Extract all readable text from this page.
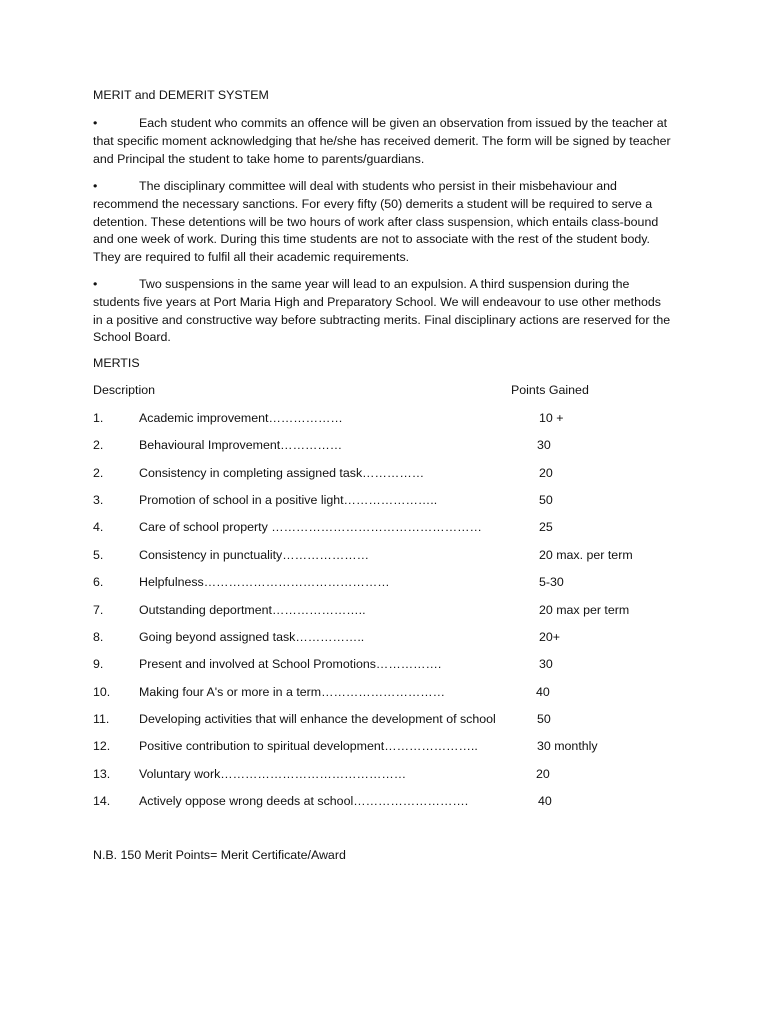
MERIT and DEMERIT SYSTEM

•	Each student who commits an offence will be given an observation from issued by the teacher at that specific moment acknowledging that he/she has received demerit. The form will be signed by teacher and Principal the student to take home to parents/guardians.

•	The disciplinary committee will deal with students who persist in their misbehaviour and recommend the necessary sanctions. For every fifty (50) demerits a student will be required to serve a detention. These detentions will be two hours of work after class suspension, which entails class-bound and one week of work. During this time students are not to associate with the rest of the student body. They are required to fulfil all their academic requirements.

•	Two suspensions in the same year will lead to an expulsion. A third suspension during the students five years at Port Maria High and Preparatory School. We will endeavour to use other methods in a positive and constructive way before subtracting merits. Final disciplinary actions are reserved for the School Board.

MERTIS
Description	Points Gained
1.	Academic improvement………………	10 +
2.	Behavioural Improvement……………	30
2.	Consistency in completing assigned task……………	20
3.	Promotion of school in a positive light…………………..	50
4.	Care of school property ……………………………………………	25
5.	Consistency in punctuality…………………	20 max. per term
6.	Helpfulness………………………………………	5-30
7.	Outstanding deportment…………………..	20 max per term
8.	Going beyond assigned task……………..	20+
9.	Present and involved at School Promotions…………….	30
10. Making four A's or more in a term…………………………	40
11. Developing activities that will enhance the development of school	50
12. Positive contribution to spiritual development…………………..	30 monthly
13. Voluntary work………………………………………	20
14. Actively oppose wrong deeds at school……………………….	40
N.B. 150 Merit Points= Merit Certificate/Award
